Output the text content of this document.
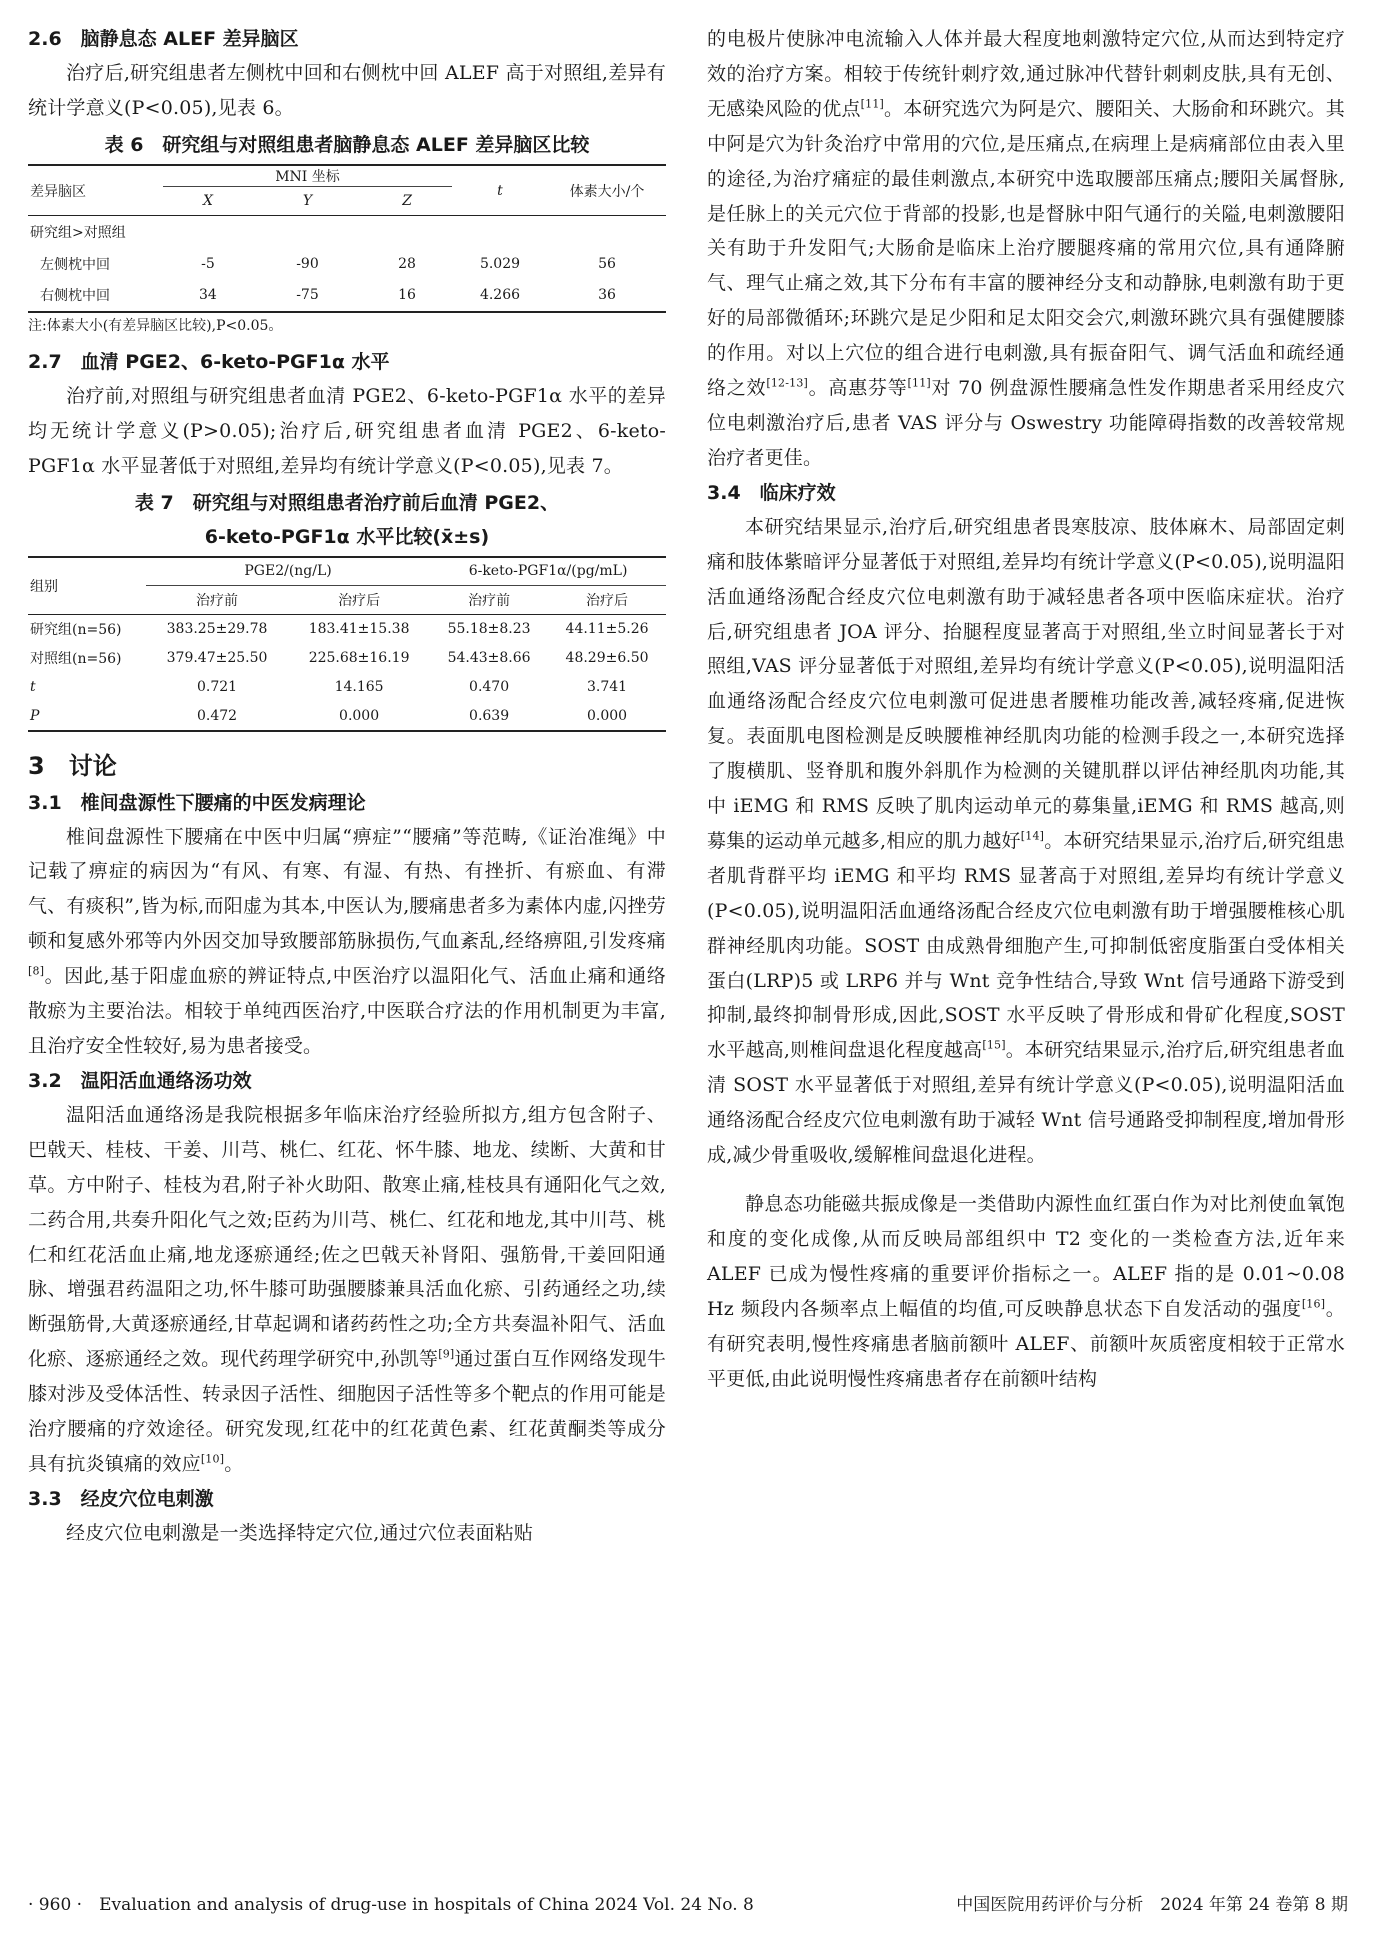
2.6　脑静息态 ALEF 差异脑区
治疗后,研究组患者左侧枕中回和右侧枕中回 ALEF 高于对照组,差异有统计学意义(P<0.05),见表 6。
表 6　研究组与对照组患者脑静息态 ALEF 差异脑区比较
差异脑区	MNI 坐标			t	体素大小/个
	X	Y	Z		
研究组>对照组					
左侧枕中回	-5	-90	28	5.029	56
右侧枕中回	34	-75	16	4.266	36
注:体素大小(有差异脑区比较),P<0.05。
2.7　血清 PGE2、6-keto-PGF1α 水平
治疗前,对照组与研究组患者血清 PGE2、6-keto-PGF1α 水平的差异均无统计学意义(P>0.05);治疗后,研究组患者血清 PGE2、6-keto-PGF1α 水平显著低于对照组,差异均有统计学意义(P<0.05),见表 7。
表 7　研究组与对照组患者治疗前后血清 PGE2、
6-keto-PGF1α 水平比较(x̄±s)
组别	PGE2/(ng/L)		6-keto-PGF1α/(pg/mL)	
	治疗前	治疗后	治疗前	治疗后
研究组(n=56)	383.25±29.78	183.41±15.38	55.18±8.23	44.11±5.26
对照组(n=56)	379.47±25.50	225.68±16.19	54.43±8.66	48.29±6.50
t	0.721	14.165	0.470	3.741
P	0.472	0.000	0.639	0.000
3　讨论
3.1　椎间盘源性下腰痛的中医发病理论
椎间盘源性下腰痛在中医中归属“痹症”“腰痛”等范畴,《证治准绳》中记载了痹症的病因为“有风、有寒、有湿、有热、有挫折、有瘀血、有滞气、有痰积”,皆为标,而阳虚为其本,中医认为,腰痛患者多为素体内虚,闪挫劳顿和复感外邪等内外因交加导致腰部筋脉损伤,气血紊乱,经络痹阻,引发疼痛[8]。因此,基于阳虚血瘀的辨证特点,中医治疗以温阳化气、活血止痛和通络散瘀为主要治法。相较于单纯西医治疗,中医联合疗法的作用机制更为丰富,且治疗安全性较好,易为患者接受。
3.2　温阳活血通络汤功效
温阳活血通络汤是我院根据多年临床治疗经验所拟方,组方包含附子、巴戟天、桂枝、干姜、川芎、桃仁、红花、怀牛膝、地龙、续断、大黄和甘草。方中附子、桂枝为君,附子补火助阳、散寒止痛,桂枝具有通阳化气之效,二药合用,共奏升阳化气之效;臣药为川芎、桃仁、红花和地龙,其中川芎、桃仁和红花活血止痛,地龙逐瘀通经;佐之巴戟天补肾阳、强筋骨,干姜回阳通脉、增强君药温阳之功,怀牛膝可助强腰膝兼具活血化瘀、引药通经之功,续断强筋骨,大黄逐瘀通经,甘草起调和诸药药性之功;全方共奏温补阳气、活血化瘀、逐瘀通经之效。现代药理学研究中,孙凯等[9]通过蛋白互作网络发现牛膝对涉及受体活性、转录因子活性、细胞因子活性等多个靶点的作用可能是治疗腰痛的疗效途径。研究发现,红花中的红花黄色素、红花黄酮类等成分具有抗炎镇痛的效应[10]。
3.3　经皮穴位电刺激
经皮穴位电刺激是一类选择特定穴位,通过穴位表面粘贴
的电极片使脉冲电流输入人体并最大程度地刺激特定穴位,从而达到特定疗效的治疗方案。相较于传统针刺疗效,通过脉冲代替针刺刺皮肤,具有无创、无感染风险的优点[11]。本研究选穴为阿是穴、腰阳关、大肠俞和环跳穴。其中阿是穴为针灸治疗中常用的穴位,是压痛点,在病理上是病痛部位由表入里的途径,为治疗痛症的最佳刺激点,本研究中选取腰部压痛点;腰阳关属督脉,是任脉上的关元穴位于背部的投影,也是督脉中阳气通行的关隘,电刺激腰阳关有助于升发阳气;大肠俞是临床上治疗腰腿疼痛的常用穴位,具有通降腑气、理气止痛之效,其下分布有丰富的腰神经分支和动静脉,电刺激有助于更好的局部微循环;环跳穴是足少阳和足太阳交会穴,刺激环跳穴具有强健腰膝的作用。对以上穴位的组合进行电刺激,具有振奋阳气、调气活血和疏经通络之效[12-13]。高惠芬等[11]对 70 例盘源性腰痛急性发作期患者采用经皮穴位电刺激治疗后,患者 VAS 评分与 Oswestry 功能障碍指数的改善较常规治疗者更佳。
3.4　临床疗效
本研究结果显示,治疗后,研究组患者畏寒肢凉、肢体麻木、局部固定刺痛和肢体紫暗评分显著低于对照组,差异均有统计学意义(P<0.05),说明温阳活血通络汤配合经皮穴位电刺激有助于减轻患者各项中医临床症状。治疗后,研究组患者 JOA 评分、抬腿程度显著高于对照组,坐立时间显著长于对照组,VAS 评分显著低于对照组,差异均有统计学意义(P<0.05),说明温阳活血通络汤配合经皮穴位电刺激可促进患者腰椎功能改善,减轻疼痛,促进恢复。表面肌电图检测是反映腰椎神经肌肉功能的检测手段之一,本研究选择了腹横肌、竖脊肌和腹外斜肌作为检测的关键肌群以评估神经肌肉功能,其中 iEMG 和 RMS 反映了肌肉运动单元的募集量,iEMG 和 RMS 越高,则募集的运动单元越多,相应的肌力越好[14]。本研究结果显示,治疗后,研究组患者肌背群平均 iEMG 和平均 RMS 显著高于对照组,差异均有统计学意义(P<0.05),说明温阳活血通络汤配合经皮穴位电刺激有助于增强腰椎核心肌群神经肌肉功能。SOST 由成熟骨细胞产生,可抑制低密度脂蛋白受体相关蛋白(LRP)5 或 LRP6 并与 Wnt 竞争性结合,导致 Wnt 信号通路下游受到抑制,最终抑制骨形成,因此,SOST 水平反映了骨形成和骨矿化程度,SOST 水平越高,则椎间盘退化程度越高[15]。本研究结果显示,治疗后,研究组患者血清 SOST 水平显著低于对照组,差异有统计学意义(P<0.05),说明温阳活血通络汤配合经皮穴位电刺激有助于减轻 Wnt 信号通路受抑制程度,增加骨形成,减少骨重吸收,缓解椎间盘退化进程。
静息态功能磁共振成像是一类借助内源性血红蛋白作为对比剂使血氧饱和度的变化成像,从而反映局部组织中 T2 变化的一类检查方法,近年来 ALEF 已成为慢性疼痛的重要评价指标之一。ALEF 指的是 0.01~0.08 Hz 频段内各频率点上幅值的均值,可反映静息状态下自发活动的强度[16]。有研究表明,慢性疼痛患者脑前额叶 ALEF、前额叶灰质密度相较于正常水平更低,由此说明慢性疼痛患者存在前额叶结构
· 960 ·　Evaluation and analysis of drug-use in hospitals of China 2024 Vol. 24 No. 8	中国医院用药评价与分析　2024 年第 24 卷第 8 期
